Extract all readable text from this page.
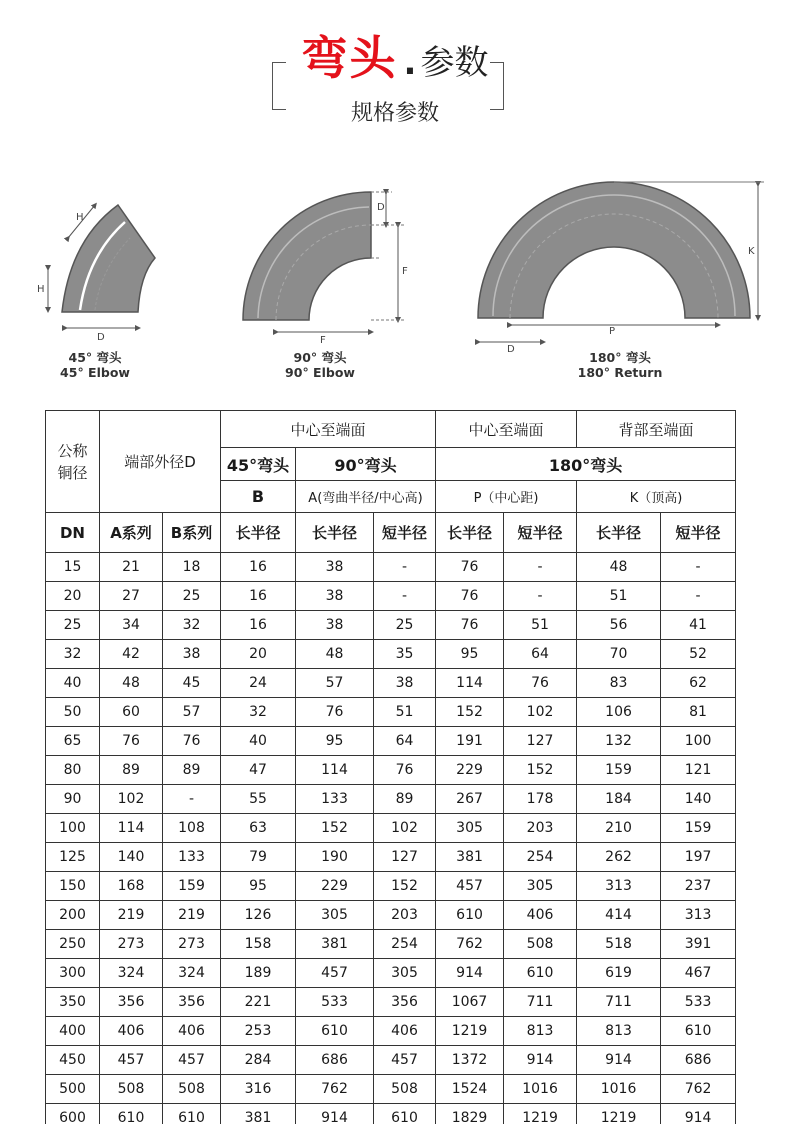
弯头 . 参数
规格参数
H
H
D
D
F
F
K
P
D
45° 弯头
45° Elbow
90° 弯头
90° Elbow
180° 弯头
180° Return
公称
铜径	端部外径D		中心至端面			中心至端面		背部至端面	
			45°弯头	90°弯头		180°弯头			
			B	A(弯曲半径/中心高)		P（中心距)		K（顶高)	
DN	A系列	B系列	长半径	长半径	短半径	长半径	短半径	长半径	短半径
15	21	18	16	38	-	76	-	48	-
20	27	25	16	38	-	76	-	51	-
25	34	32	16	38	25	76	51	56	41
32	42	38	20	48	35	95	64	70	52
40	48	45	24	57	38	114	76	83	62
50	60	57	32	76	51	152	102	106	81
65	76	76	40	95	64	191	127	132	100
80	89	89	47	114	76	229	152	159	121
90	102	-	55	133	89	267	178	184	140
100	114	108	63	152	102	305	203	210	159
125	140	133	79	190	127	381	254	262	197
150	168	159	95	229	152	457	305	313	237
200	219	219	126	305	203	610	406	414	313
250	273	273	158	381	254	762	508	518	391
300	324	324	189	457	305	914	610	619	467
350	356	356	221	533	356	1067	711	711	533
400	406	406	253	610	406	1219	813	813	610
450	457	457	284	686	457	1372	914	914	686
500	508	508	316	762	508	1524	1016	1016	762
600	610	610	381	914	610	1829	1219	1219	914
